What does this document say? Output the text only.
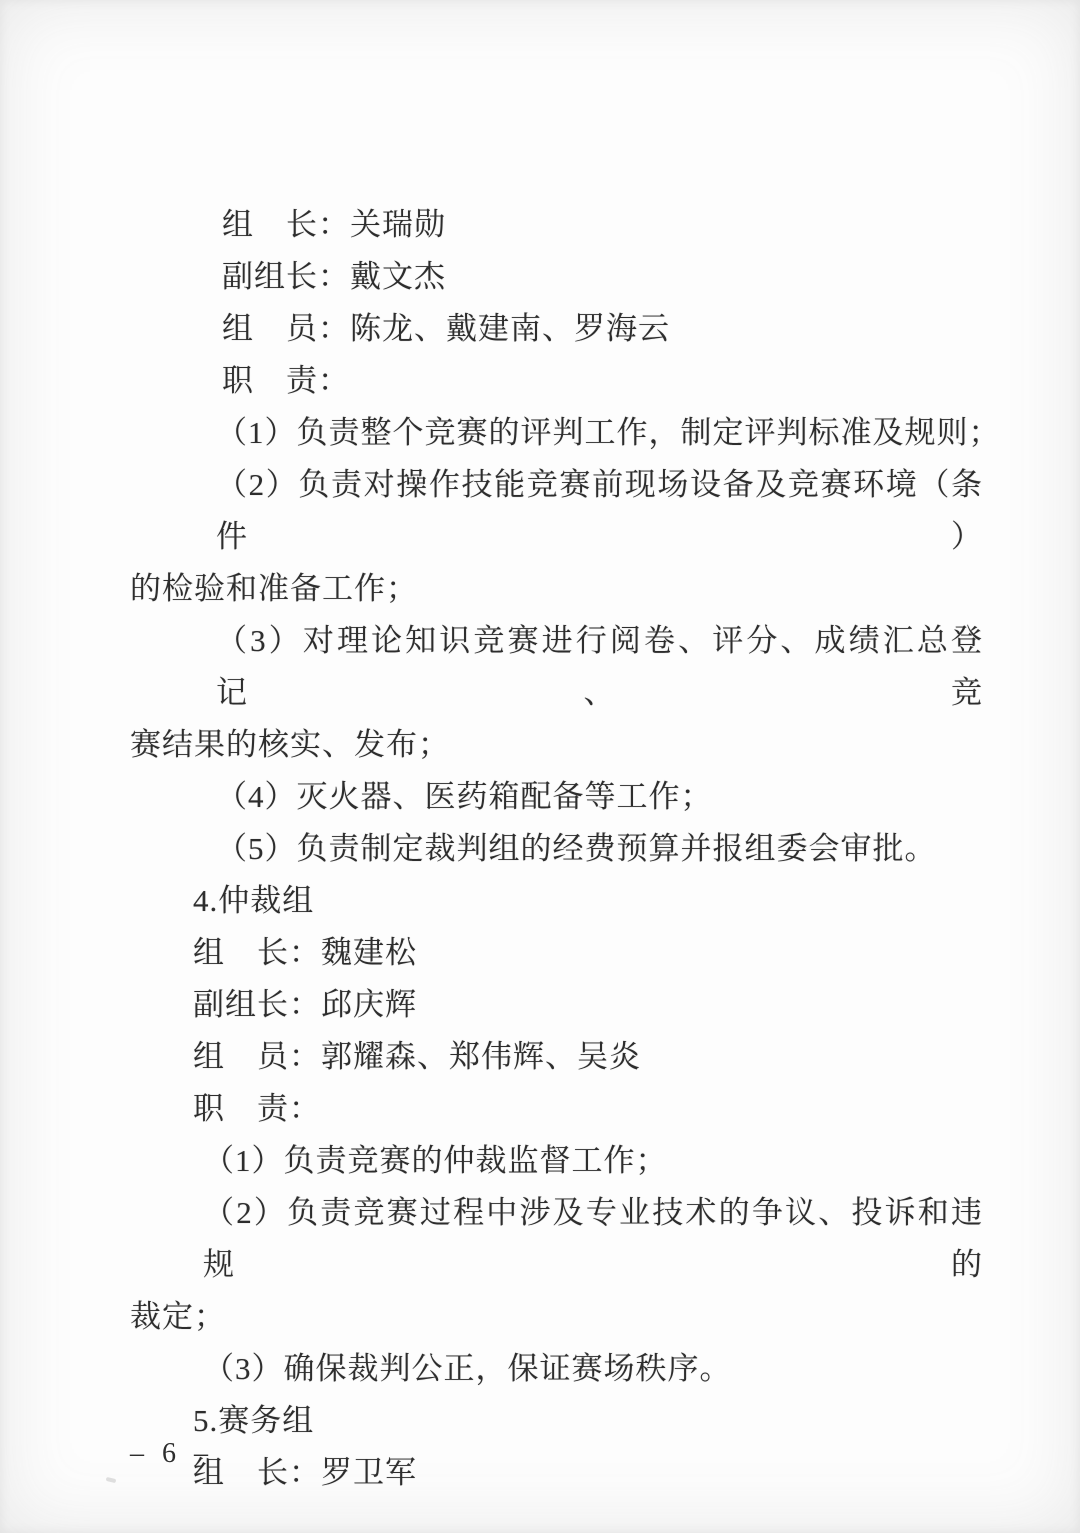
组　长：关瑞勋

副组长：戴文杰

组　员：陈龙、戴建南、罗海云

职　责：

（1）负责整个竞赛的评判工作，制定评判标准及规则；

（2）负责对操作技能竞赛前现场设备及竞赛环境（条件）

的检验和准备工作；

（3）对理论知识竞赛进行阅卷、评分、成绩汇总登记、竞

赛结果的核实、发布；

（4）灭火器、医药箱配备等工作；

（5）负责制定裁判组的经费预算并报组委会审批。

4.仲裁组

组　长：魏建松

副组长：邱庆辉

组　员：郭耀森、郑伟辉、吴炎

职　责：

（1）负责竞赛的仲裁监督工作；

（2）负责竞赛过程中涉及专业技术的争议、投诉和违规的

裁定；

（3）确保裁判公正，保证赛场秩序。

5.赛务组

组　长：罗卫军

– 6 –
